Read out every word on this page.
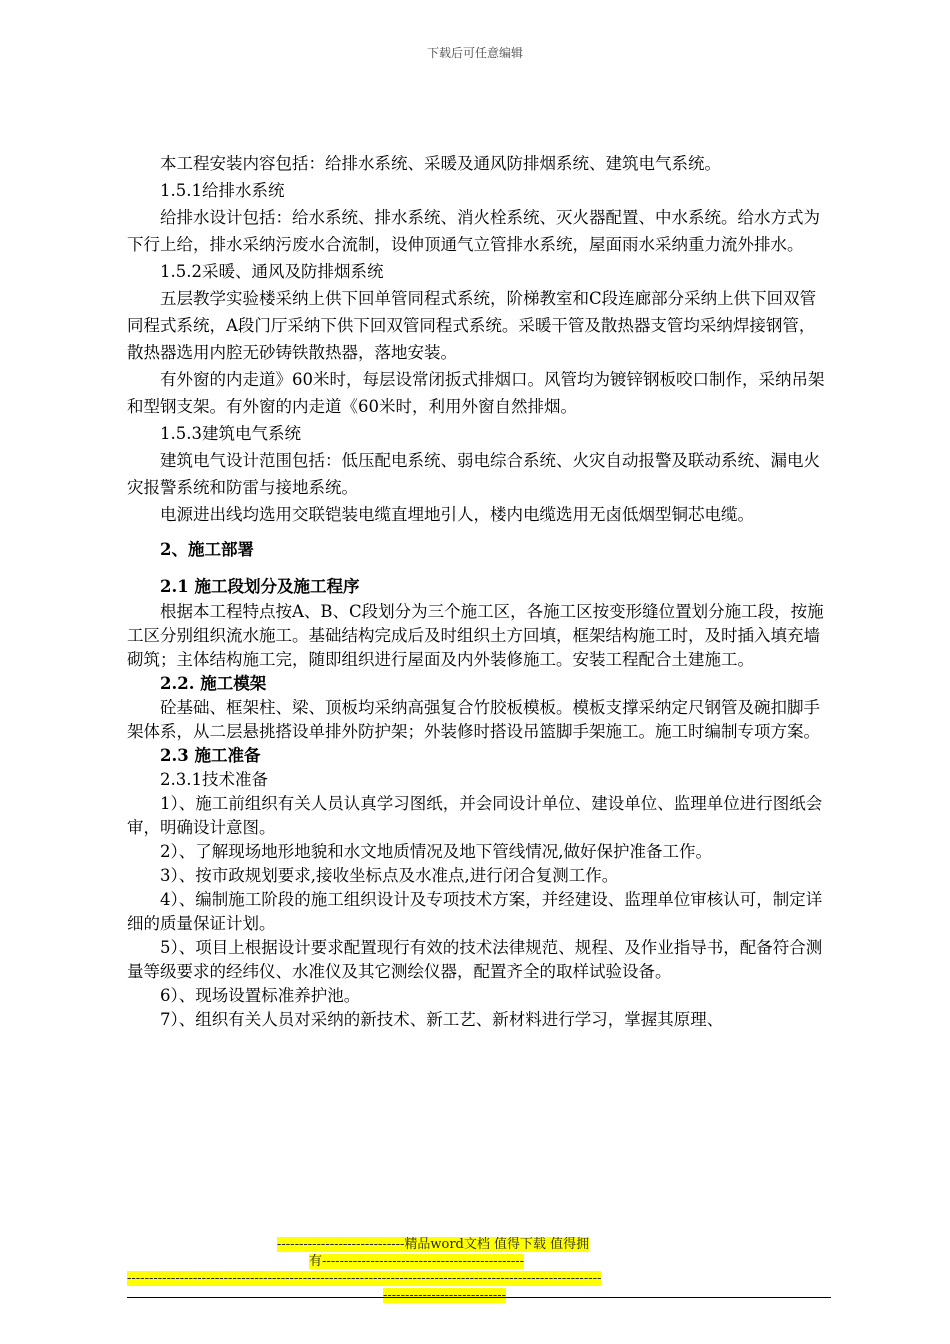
下载后可任意编辑

本工程安装内容包括：给排水系统、采暖及通风防排烟系统、建筑电气系统。

1.5.1给排水系统

给排水设计包括：给水系统、排水系统、消火栓系统、灭火器配置、中水系统。给水方式为下行上给，排水采纳污废水合流制，设伸顶通气立管排水系统，屋面雨水采纳重力流外排水。

1.5.2采暖、通风及防排烟系统

五层教学实验楼采纳上供下回单管同程式系统，阶梯教室和C段连廊部分采纳上供下回双管同程式系统，A段门厅采纳下供下回双管同程式系统。采暖干管及散热器支管均采纳焊接钢管，散热器选用内腔无砂铸铁散热器，落地安装。

有外窗的内走道》60米时，每层设常闭扳式排烟口。风管均为镀锌钢板咬口制作，采纳吊架和型钢支架。有外窗的内走道《60米时，利用外窗自然排烟。

1.5.3建筑电气系统

建筑电气设计范围包括：低压配电系统、弱电综合系统、火灾自动报警及联动系统、漏电火灾报警系统和防雷与接地系统。

电源进出线均选用交联铠装电缆直埋地引人，楼内电缆选用无卤低烟型铜芯电缆。

2、施工部署

2.1 施工段划分及施工程序

根据本工程特点按A、B、C段划分为三个施工区，各施工区按变形缝位置划分施工段，按施工区分别组织流水施工。基础结构完成后及时组织土方回填，框架结构施工时，及时插入填充墙砌筑；主体结构施工完，随即组织进行屋面及内外装修施工。安装工程配合土建施工。

2.2. 施工模架

砼基础、框架柱、梁、顶板均采纳高强复合竹胶板模板。模板支撑采纳定尺钢管及碗扣脚手架体系，从二层悬挑搭设单排外防护架；外装修时搭设吊篮脚手架施工。施工时编制专项方案。

2.3 施工准备

2.3.1技术准备

1）、施工前组织有关人员认真学习图纸，并会同设计单位、建设单位、监理单位进行图纸会审，明确设计意图。

2）、了解现场地形地貌和水文地质情况及地下管线情况,做好保护准备工作。

3）、按市政规划要求,接收坐标点及水准点,进行闭合复测工作。

4）、编制施工阶段的施工组织设计及专项技术方案，并经建设、监理单位审核认可，制定详细的质量保证计划。

5）、项目上根据设计要求配置现行有效的技术法律规范、规程、及作业指导书，配备符合测量等级要求的经纬仪、水准仪及其它测绘仪器，配置齐全的取样试验设备。

6）、现场设置标准养护池。

7）、组织有关人员对采纳的新技术、新工艺、新材料进行学习，掌握其原理、

-----------------------------精品word文档 值得下载 值得拥
有----------------------------------------------
------------------------------------------------------------------------------------------------------------
----------------------------
